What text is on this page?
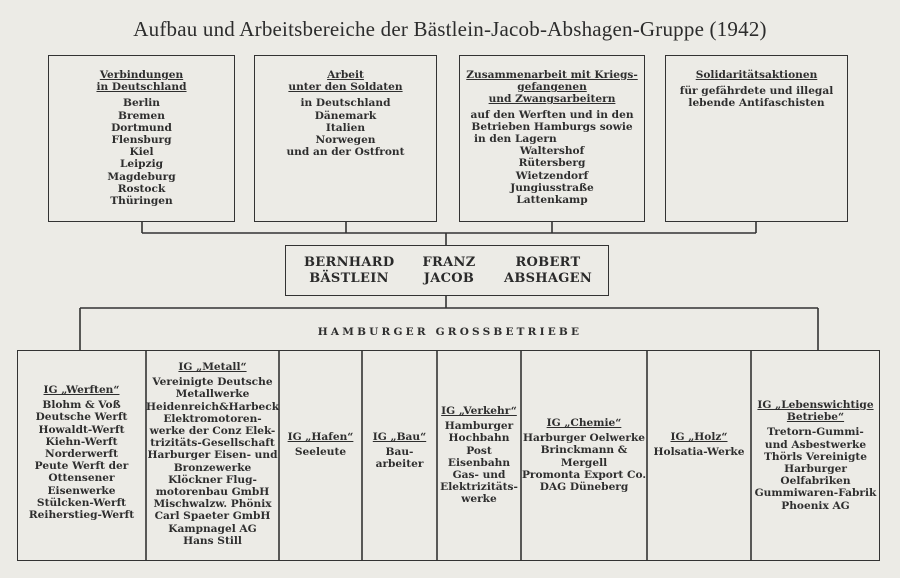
Aufbau und Arbeitsbereiche der Bästlein-Jacob-Abshagen-Gruppe (1942)
Verbindungen
in Deutschland
Berlin
Bremen
Dortmund
Flensburg
Kiel
Leipzig
Magdeburg
Rostock
Thüringen
Arbeit
unter den Soldaten
in Deutschland
Dänemark
Italien
Norwegen
und an der Ostfront
Zusammenarbeit mit Kriegs-
gefangenen
und Zwangsarbeitern
auf den Werften und in den
Betrieben Hamburgs sowie
in den Lagern
Waltershof
Rütersberg
Wietzendorf
Jungiusstraße
Lattenkamp
Solidaritätsaktionen
für gefährdete und illegal
lebende Antifaschisten
BERNHARD
BÄSTLEIN
FRANZ
JACOB
ROBERT
ABSHAGEN
HAMBURGER GROSSBETRIEBE
IG „Werften“
Blohm & Voß
Deutsche Werft
Howaldt-Werft
Kiehn-Werft
Norderwerft
Peute Werft der
Ottensener
Eisenwerke
Stülcken-Werft
Reiherstieg-Werft
IG „Metall“
Vereinigte Deutsche
Metallwerke
Heidenreich&Harbeck
Elektromotoren-
werke der Conz Elek-
trizitäts-Gesellschaft
Harburger Eisen- und
Bronzewerke
Klöckner Flug-
motorenbau GmbH
Mischwalzw. Phönix
Carl Spaeter GmbH
Kampnagel AG
Hans Still
IG „Hafen“
Seeleute
IG „Bau“
Bau-
arbeiter
IG „Verkehr“
Hamburger
Hochbahn
Post
Eisenbahn
Gas- und
Elektrizitäts-
werke
IG „Chemie“
Harburger Oelwerke
Brinckmann &
Mergell
Promonta Export Co.
DAG Düneberg
IG „Holz“
Holsatia-Werke
IG „Lebenswichtige
Betriebe“
Tretorn-Gummi-
und Asbestwerke
Thörls Vereinigte
Harburger
Oelfabriken
Gummiwaren-Fabrik
Phoenix AG
